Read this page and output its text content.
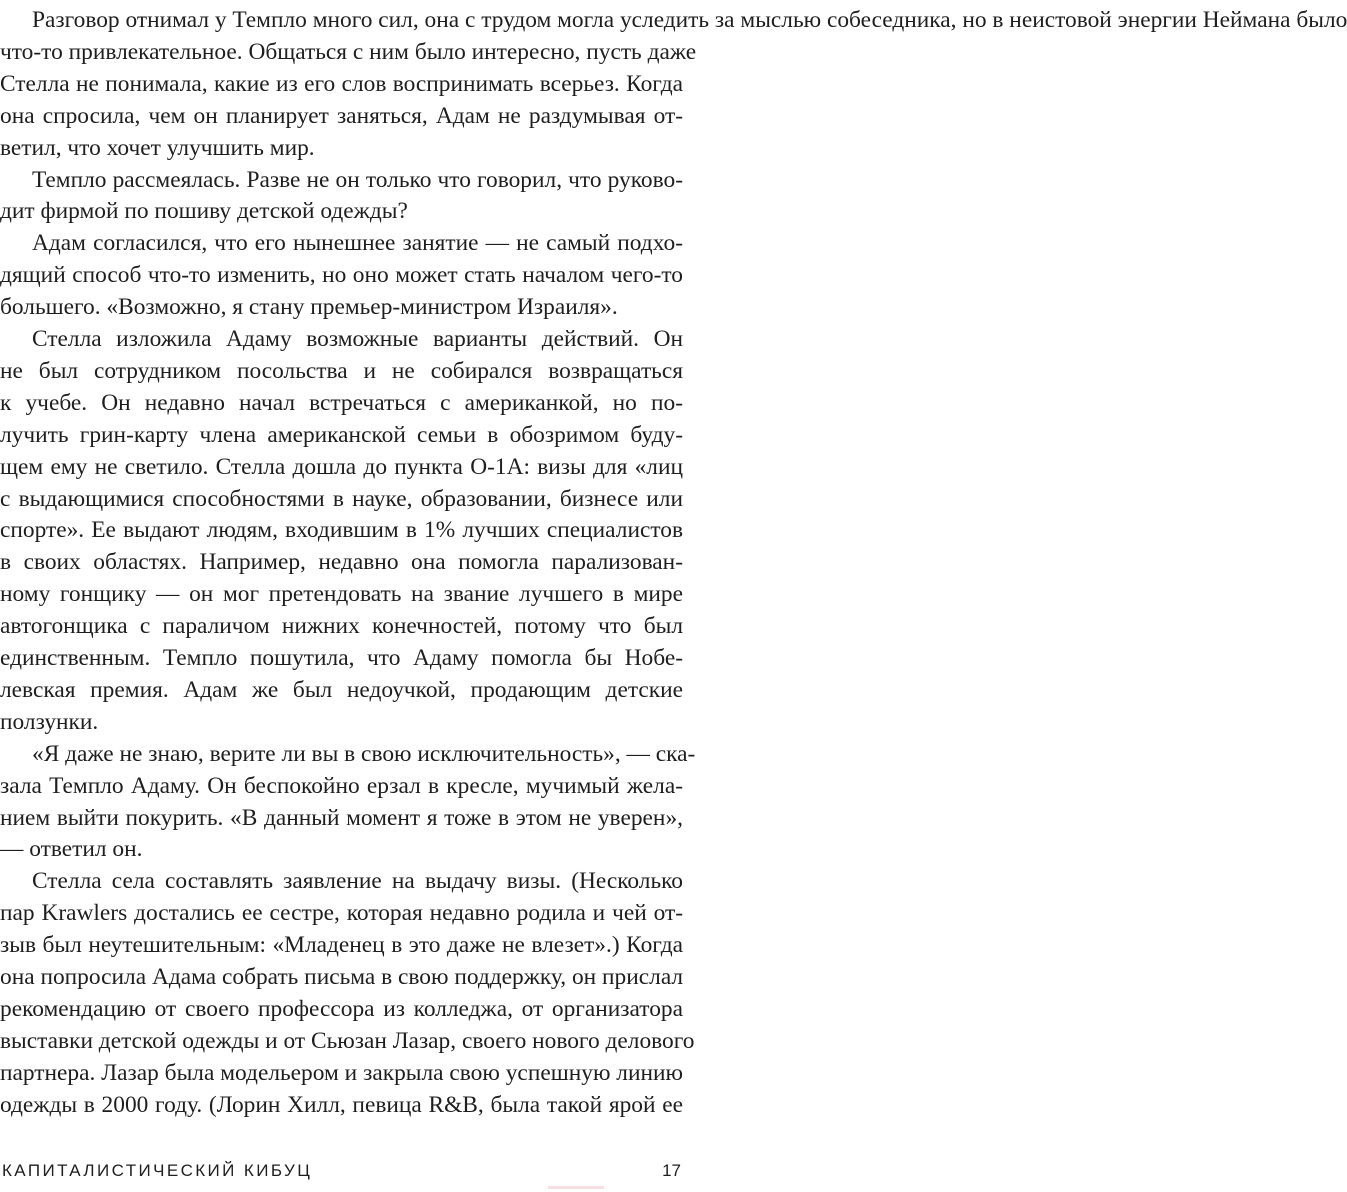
Разговор отнимал у Темпло много сил, она с трудом могла уследить за мыслью собеседника, но в неистовой энергии Неймана было
что-то привлекательное. Общаться с ним было интересно, пусть даже
Стелла не понимала, какие из его слов воспринимать всерьез. Когда
она спросила, чем он планирует заняться, Адам не раздумывая от-
ветил, что хочет улучшить мир.
Темпло рассмеялась. Разве не он только что говорил, что руково-
дит фирмой по пошиву детской одежды?
Адам согласился, что его нынешнее занятие — не самый подхо-
дящий способ что-то изменить, но оно может стать началом чего-то
большего. «Возможно, я стану премьер-министром Израиля».
Стелла изложила Адаму возможные варианты действий. Он
не был сотрудником посольства и не собирался возвращаться
к учебе. Он недавно начал встречаться с американкой, но по-
лучить грин-карту члена американской семьи в обозримом буду-
щем ему не светило. Стелла дошла до пункта О-1А: визы для «лиц
с выдающимися способностями в науке, образовании, бизнесе или
спорте». Ее выдают людям, входившим в 1% лучших специалистов
в своих областях. Например, недавно она помогла парализован-
ному гонщику — он мог претендовать на звание лучшего в мире
автогонщика с параличом нижних конечностей, потому что был
единственным. Темпло пошутила, что Адаму помогла бы Нобе-
левская премия. Адам же был недоучкой, продающим детские
ползунки.
«Я даже не знаю, верите ли вы в свою исключительность», — ска-
зала Темпло Адаму. Он беспокойно ерзал в кресле, мучимый жела-
нием выйти покурить. «В данный момент я тоже в этом не уверен»,
— ответил он.
Стелла села составлять заявление на выдачу визы. (Несколько
пар Krawlers достались ее сестре, которая недавно родила и чей от-
зыв был неутешительным: «Младенец в это даже не влезет».) Когда
она попросила Адама собрать письма в свою поддержку, он прислал
рекомендацию от своего профессора из колледжа, от организатора
выставки детской одежды и от Сьюзан Лазар, своего нового делового
партнера. Лазар была модельером и закрыла свою успешную линию
одежды в 2000 году. (Лорин Хилл, певица R&B, была такой ярой ее
КАПИТАЛИСТИЧЕСКИЙ КИБУЦ	17
